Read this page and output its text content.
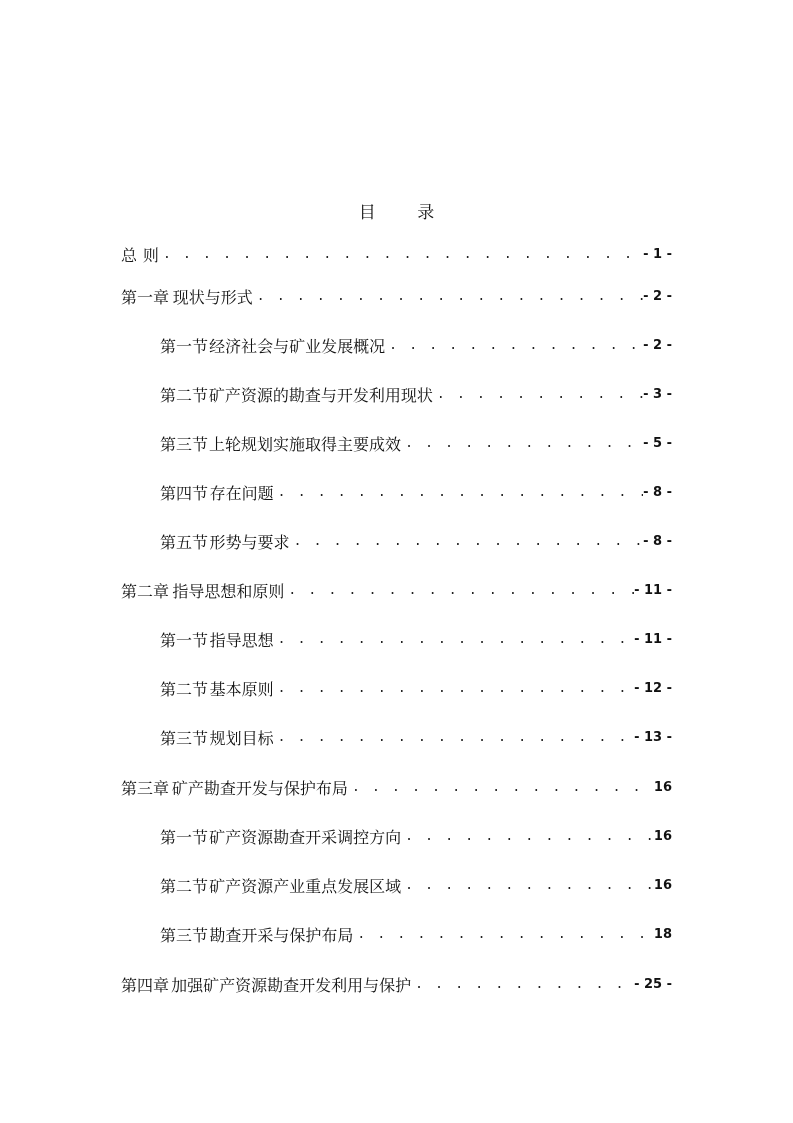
目 录
总 则 . . .	- 1 -
第一章 现状与形式 . . .	- 2 -
第一节 经济社会与矿业发展概况 . . .	- 2 -
第二节 矿产资源的勘查与开发利用现状 . . .	- 3 -
第三节 上轮规划实施取得主要成效 . . .	- 5 -
第四节 存在问题 . . .	- 8 -
第五节 形势与要求 . . .	- 8 -
第二章 指导思想和原则 . . .	- 11 -
第一节 指导思想 . . .	- 11 -
第二节 基本原则 . . .	- 12 -
第三节 规划目标 . . .	- 13 -
第三章 矿产勘查开发与保护布局 . . .	16
第一节 矿产资源勘查开采调控方向 . . .	16
第二节 矿产资源产业重点发展区域 . . .	16
第三节 勘查开采与保护布局 . . .	18
第四章 加强矿产资源勘查开发利用与保护 . . .	- 25 -
